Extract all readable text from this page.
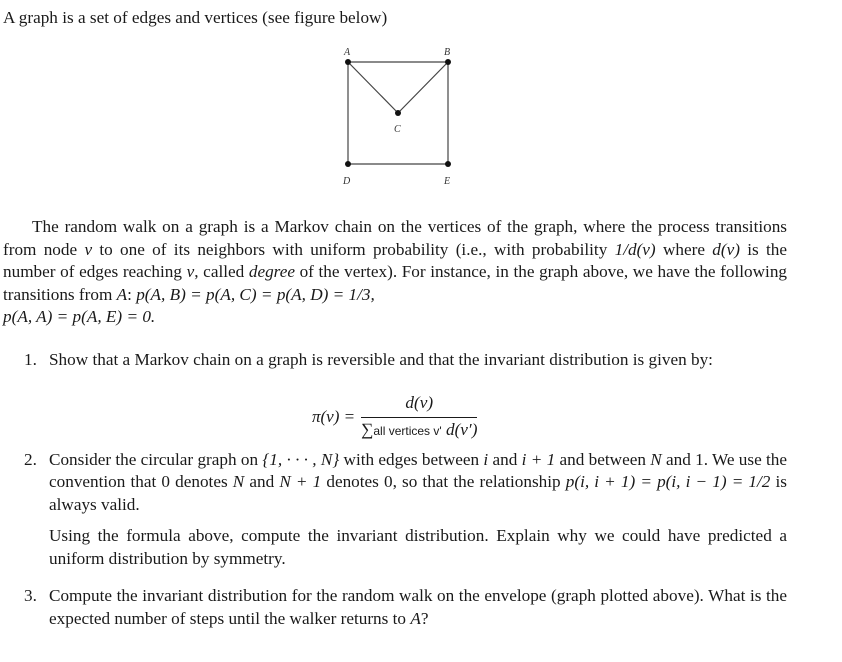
A graph is a set of edges and vertices (see figure below)
A	B
C
D	E

The random walk on a graph is a Markov chain on the vertices of the graph, where the process transitions from node v to one of its neighbors with uniform probability (i.e., with probability 1/d(v) where d(v) is the number of edges reaching v, called degree of the vertex). For instance, in the graph above, we have the following transitions from A: p(A, B) = p(A, C) = p(A, D) = 1/3,
p(A, A) = p(A, E) = 0.

1. Show that a Markov chain on a graph is reversible and that the invariant distribution is given by:
2. Consider the circular graph on {1, · · · , N} with edges between i and i + 1 and between N and 1. We use the convention that 0 denotes N and N + 1 denotes 0, so that the relationship p(i, i + 1) = p(i, i − 1) = 1/2 is always valid.
Using the formula above, compute the invariant distribution. Explain why we could have predicted a uniform distribution by symmetry.
3. Compute the invariant distribution for the random walk on the envelope (graph plotted above). What is the expected number of steps until the walker returns to A?
$\pi(v) = \frac{d(v)}{\text{∑all vertices v' d(v′)}}$
